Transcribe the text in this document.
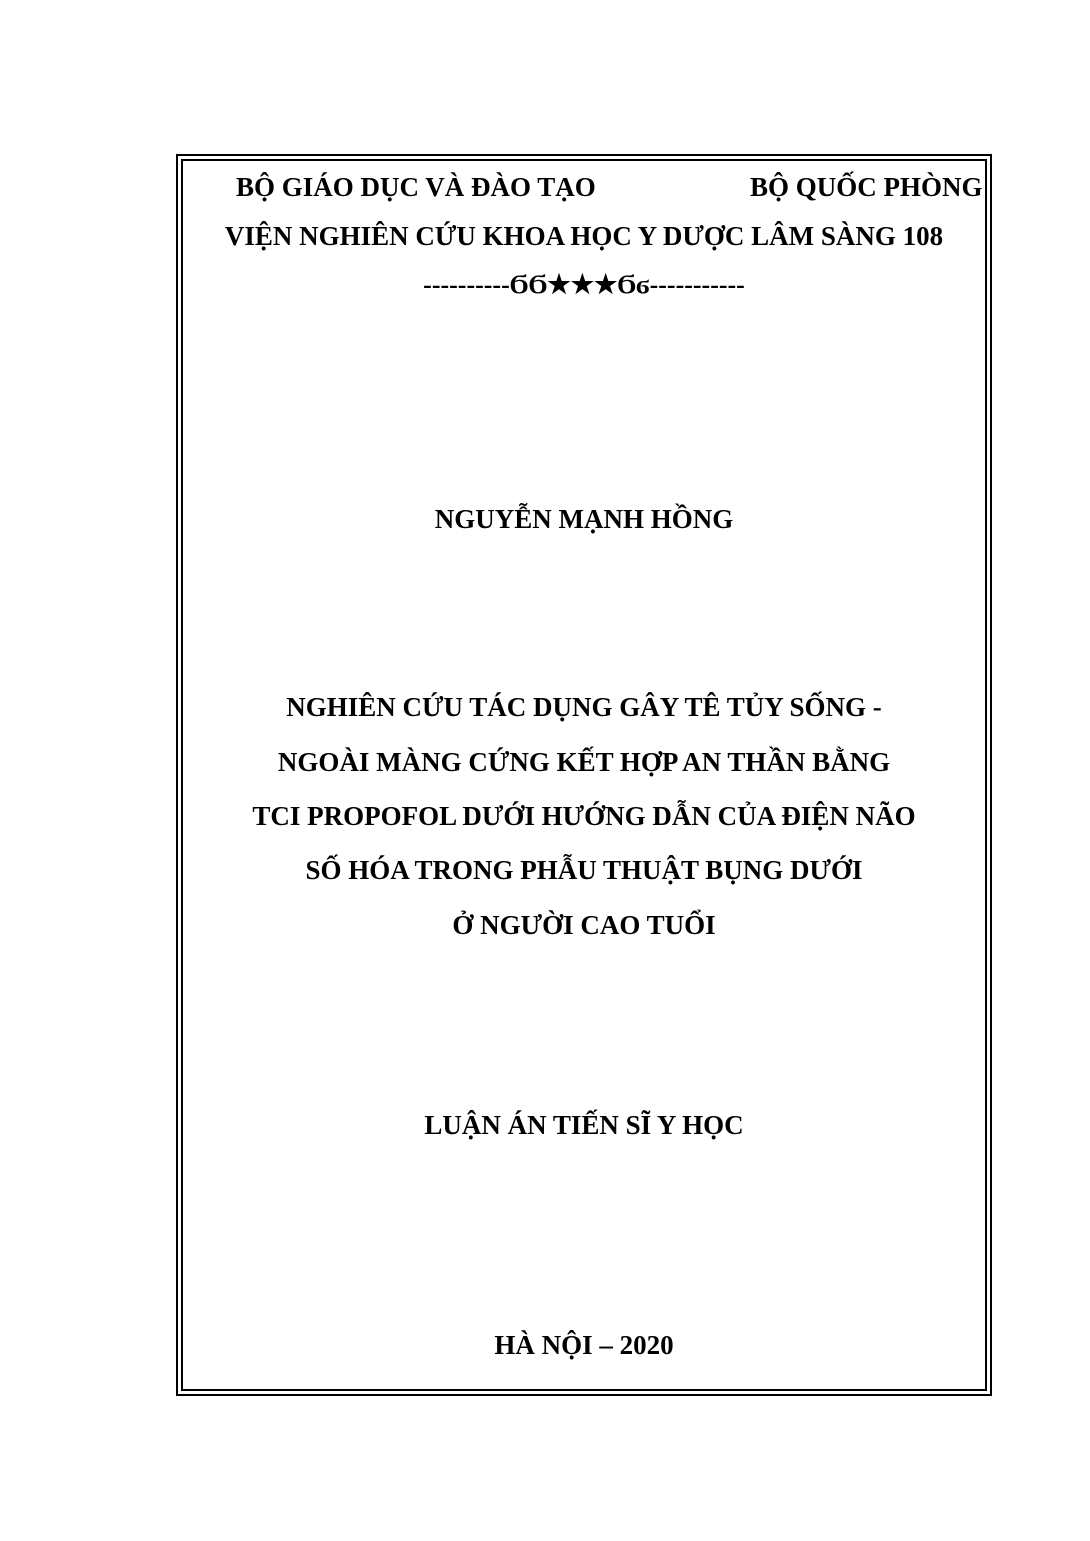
BỘ GIÁO DỤC VÀ ĐÀO TẠO	BỘ QUỐC PHÒNG
VIỆN NGHIÊN CỨU KHOA HỌC Y DƯỢC LÂM SÀNG 108
----------ϬϬ★★★Ϭϭ-----------
NGUYỄN MẠNH HỒNG
NGHIÊN CỨU TÁC DỤNG GÂY TÊ TỦY SỐNG -
NGOÀI MÀNG CỨNG KẾT HỢP AN THẦN BẰNG
TCI PROPOFOL DƯỚI HƯỚNG DẪN CỦA ĐIỆN NÃO
SỐ HÓA TRONG PHẪU THUẬT BỤNG DƯỚI
Ở NGƯỜI CAO TUỔI
LUẬN ÁN TIẾN SĨ Y HỌC
HÀ NỘI – 2020
